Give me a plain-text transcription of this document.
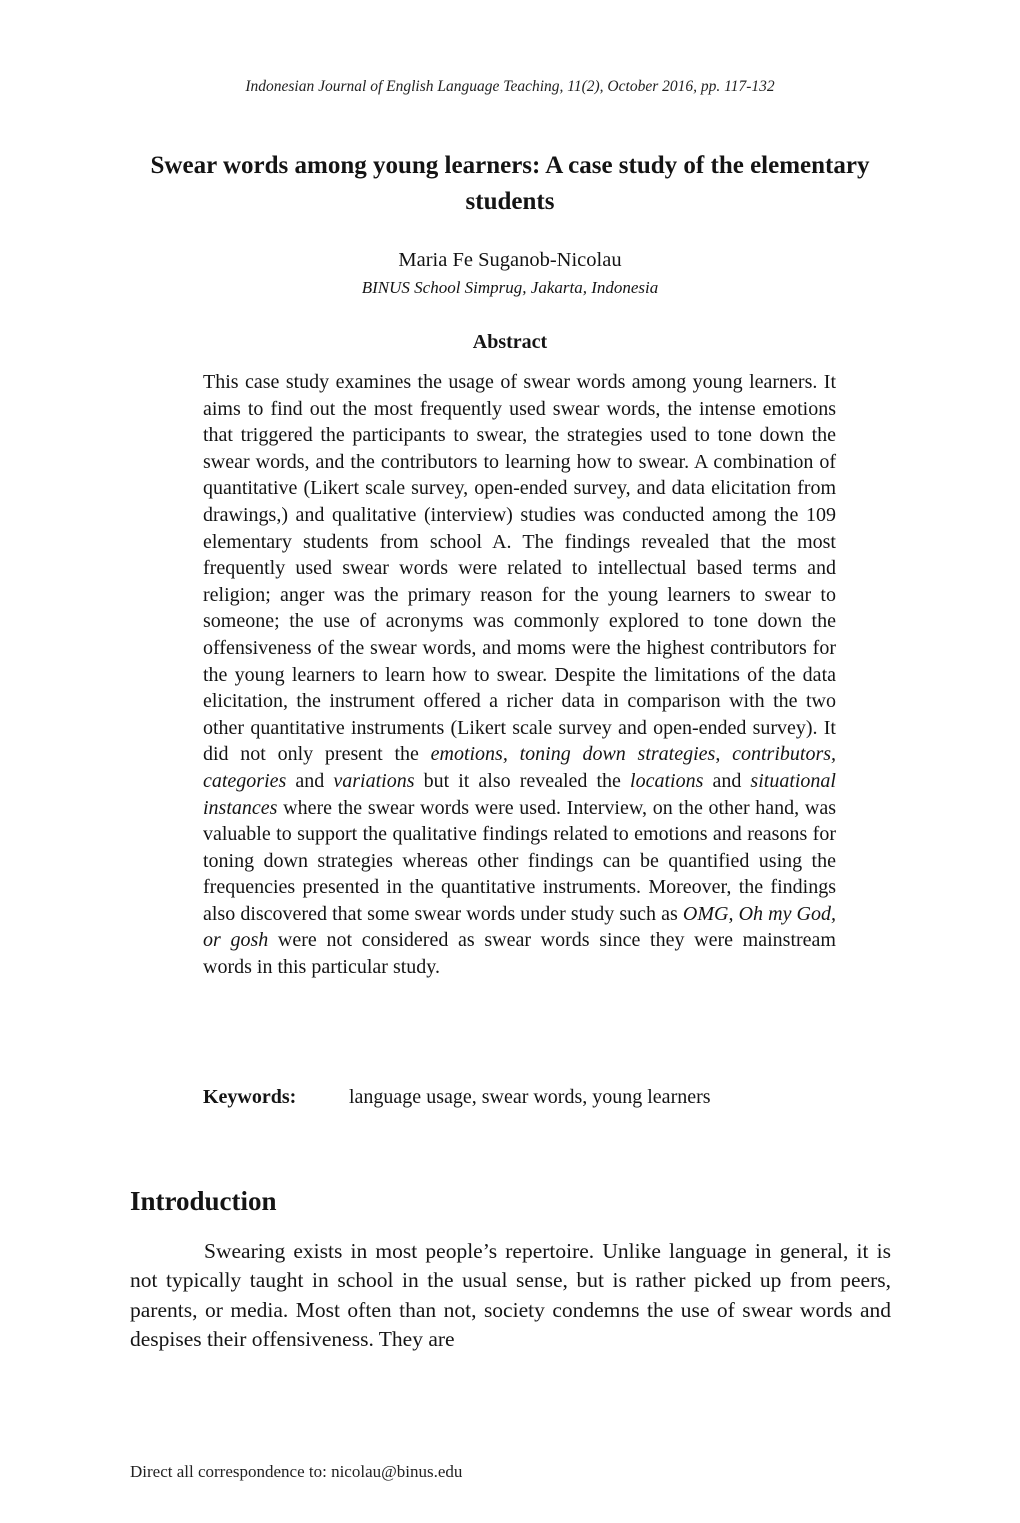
Indonesian Journal of English Language Teaching, 11(2), October 2016, pp. 117-132
Swear words among young learners: A case study of the elementary students
Maria Fe Suganob-Nicolau
BINUS School Simprug, Jakarta, Indonesia
Abstract

This case study examines the usage of swear words among young learners. It aims to find out the most frequently used swear words, the intense emotions that triggered the participants to swear, the strategies used to tone down the swear words, and the contributors to learning how to swear. A combination of quantitative (Likert scale survey, open-ended survey, and data elicitation from drawings,) and qualitative (interview) studies was conducted among the 109 elementary students from school A. The findings revealed that the most frequently used swear words were related to intellectual based terms and religion; anger was the primary reason for the young learners to swear to someone; the use of acronyms was commonly explored to tone down the offensiveness of the swear words, and moms were the highest contributors for the young learners to learn how to swear. Despite the limitations of the data elicitation, the instrument offered a richer data in comparison with the two other quantitative instruments (Likert scale survey and open-ended survey). It did not only present the emotions, toning down strategies, contributors, categories and variations but it also revealed the locations and situational instances where the swear words were used. Interview, on the other hand, was valuable to support the qualitative findings related to emotions and reasons for toning down strategies whereas other findings can be quantified using the frequencies presented in the quantitative instruments. Moreover, the findings also discovered that some swear words under study such as OMG, Oh my God, or gosh were not considered as swear words since they were mainstream words in this particular study.

Keywords:	language usage, swear words, young learners
Introduction

Swearing exists in most people’s repertoire. Unlike language in general, it is not typically taught in school in the usual sense, but is rather picked up from peers, parents, or media. Most often than not, society condemns the use of swear words and despises their offensiveness. They are

Direct all correspondence to: nicolau@binus.edu
